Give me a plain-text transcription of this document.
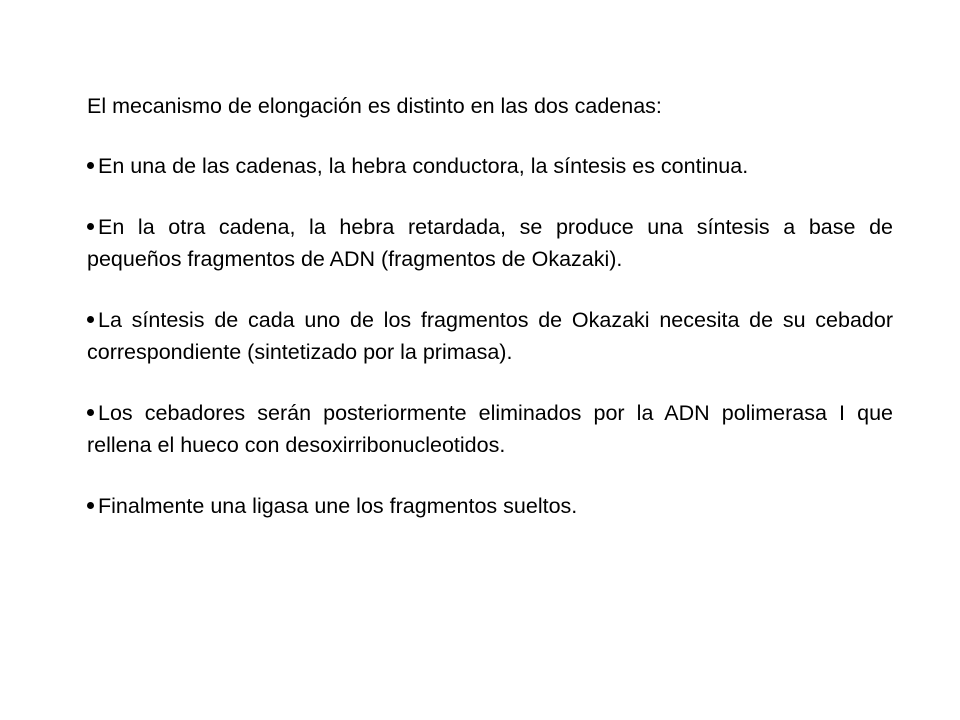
El mecanismo de elongación es distinto en las dos cadenas:

En una de las cadenas, la hebra conductora, la síntesis es continua.
En la otra cadena, la hebra retardada, se produce una síntesis a base de pequeños fragmentos de ADN (fragmentos de Okazaki).
La síntesis de cada uno de los fragmentos de Okazaki necesita de su cebador correspondiente (sintetizado por la primasa).
Los cebadores serán posteriormente eliminados por la ADN polimerasa I que rellena el hueco con desoxirribonucleotidos.
Finalmente una ligasa une los fragmentos sueltos.
